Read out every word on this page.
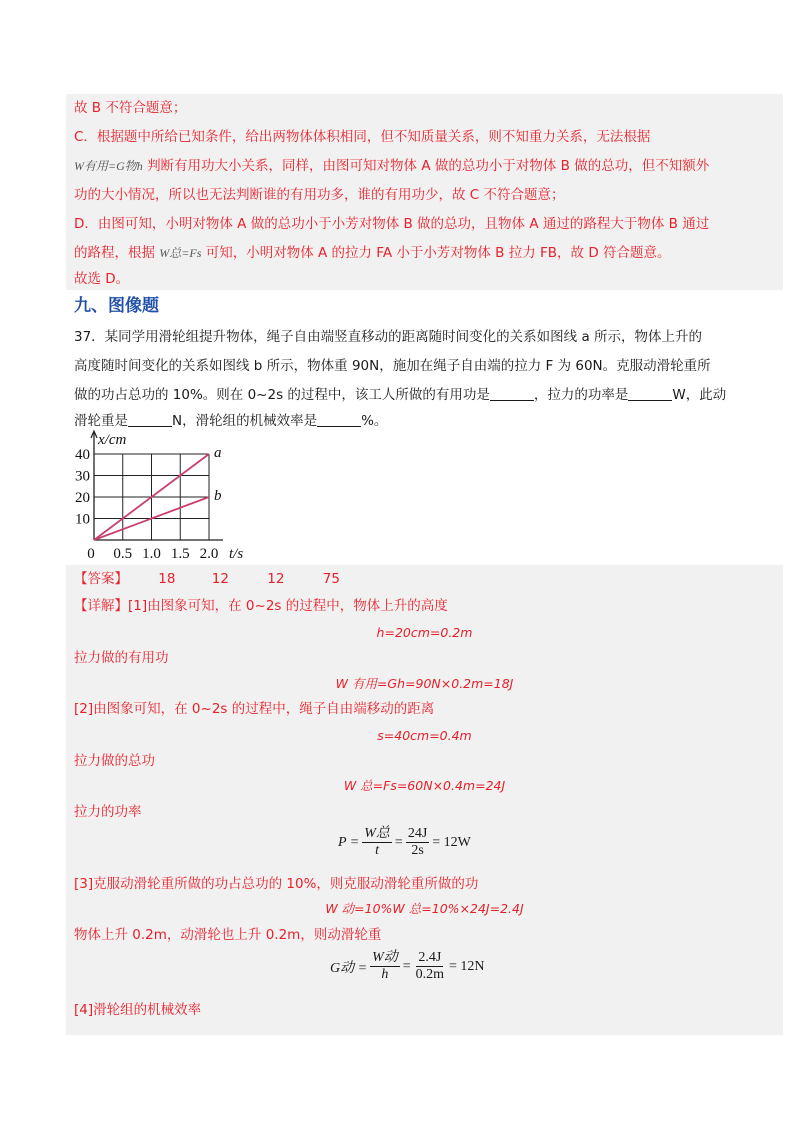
故 B 不符合题意；
C．根据题中所给已知条件，给出两物体体积相同，但不知质量关系，则不知重力关系，无法根据
W有用=G物h 判断有用功大小关系，同样，由图可知对物体 A 做的总功小于对物体 B 做的总功，但不知额外
功的大小情况，所以也无法判断谁的有用功多，谁的有用功少，故 C 不符合题意；
D．由图可知，小明对物体 A 做的总功小于小芳对物体 B 做的总功，且物体 A 通过的路程大于物体 B 通过
的路程，根据 W总=Fs 可知，小明对物体 A 的拉力 FA 小于小芳对物体 B 拉力 FB，故 D 符合题意。
故选 D。
九、图像题
37．某同学用滑轮组提升物体，绳子自由端竖直移动的距离随时间变化的关系如图线 a 所示，物体上升的
高度随时间变化的关系如图线 b 所示，物体重 90N，施加在绳子自由端的拉力 F 为 60N。克服动滑轮重所
做的功占总功的 10%。则在 0~2s 的过程中，该工人所做的有用功是	，拉力的功率是	W，此动
滑轮重是	N，滑轮组的机械效率是	%。
a
b
10
20
30
40
0 0.5 1.0 1.5 2.0
x/cm
t/s
【答案】 18	12	12	75
【详解】[1]由图象可知，在 0~2s 的过程中，物体上升的高度
h=20cm=0.2m
拉力做的有用功
W 有用=Gh=90N×0.2m=18J
[2]由图象可知，在 0~2s 的过程中，绳子自由端移动的距离
s=40cm=0.4m
拉力做的总功
W 总=Fs=60N×0.4m=24J
拉力的功率
$P = \frac{\text{W总}}{t} = \frac{24J}{2s} = 12W$
[3]克服动滑轮重所做的功占总功的 10%，则克服动滑轮重所做的功
W 动=10%W 总=10%×24J=2.4J
物体上升 0.2m，动滑轮也上升 0.2m，则动滑轮重
G动 = $\frac{\text{W动}}{h} = \frac{2.4J}{0.2m} = 12N$
[4]滑轮组的机械效率
